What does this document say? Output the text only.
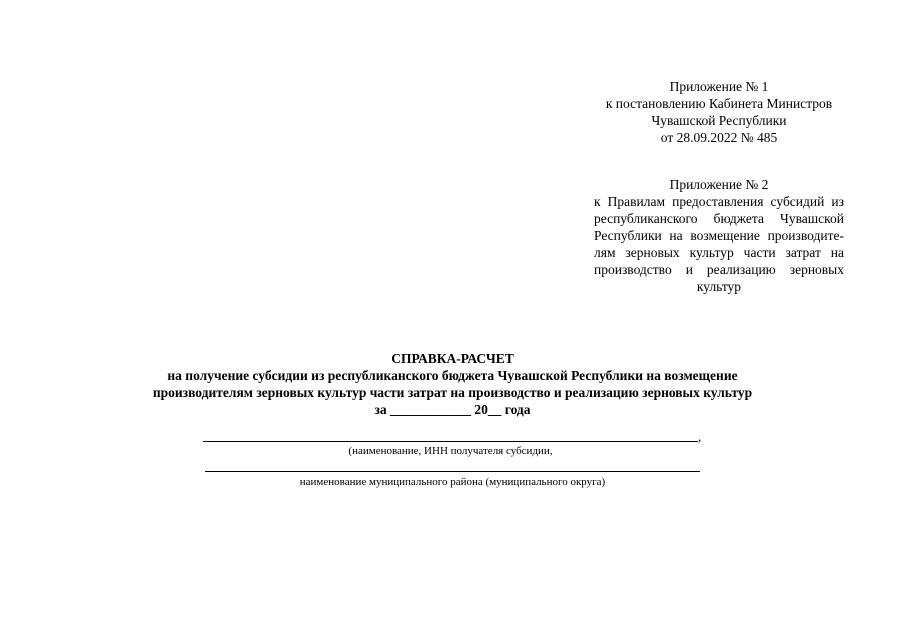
Приложение № 1
к постановлению Кабинета Министров
Чувашской Республики
от 28.09.2022 № 485
Приложение № 2
к Правилам предоставления субсидий из
республиканского бюджета Чувашской
Республики на возмещение производите-
лям зерновых культур части затрат на
производство и реализацию зерновых
культур
СПРАВКА-РАСЧЕТ
на получение субсидии из республиканского бюджета Чувашской Республики на возмещение
производителям зерновых культур части затрат на производство и реализацию зерновых культур
за ____________ 20__ года
,
(наименование, ИНН получателя субсидии,
наименование муниципального района (муниципального округа)
